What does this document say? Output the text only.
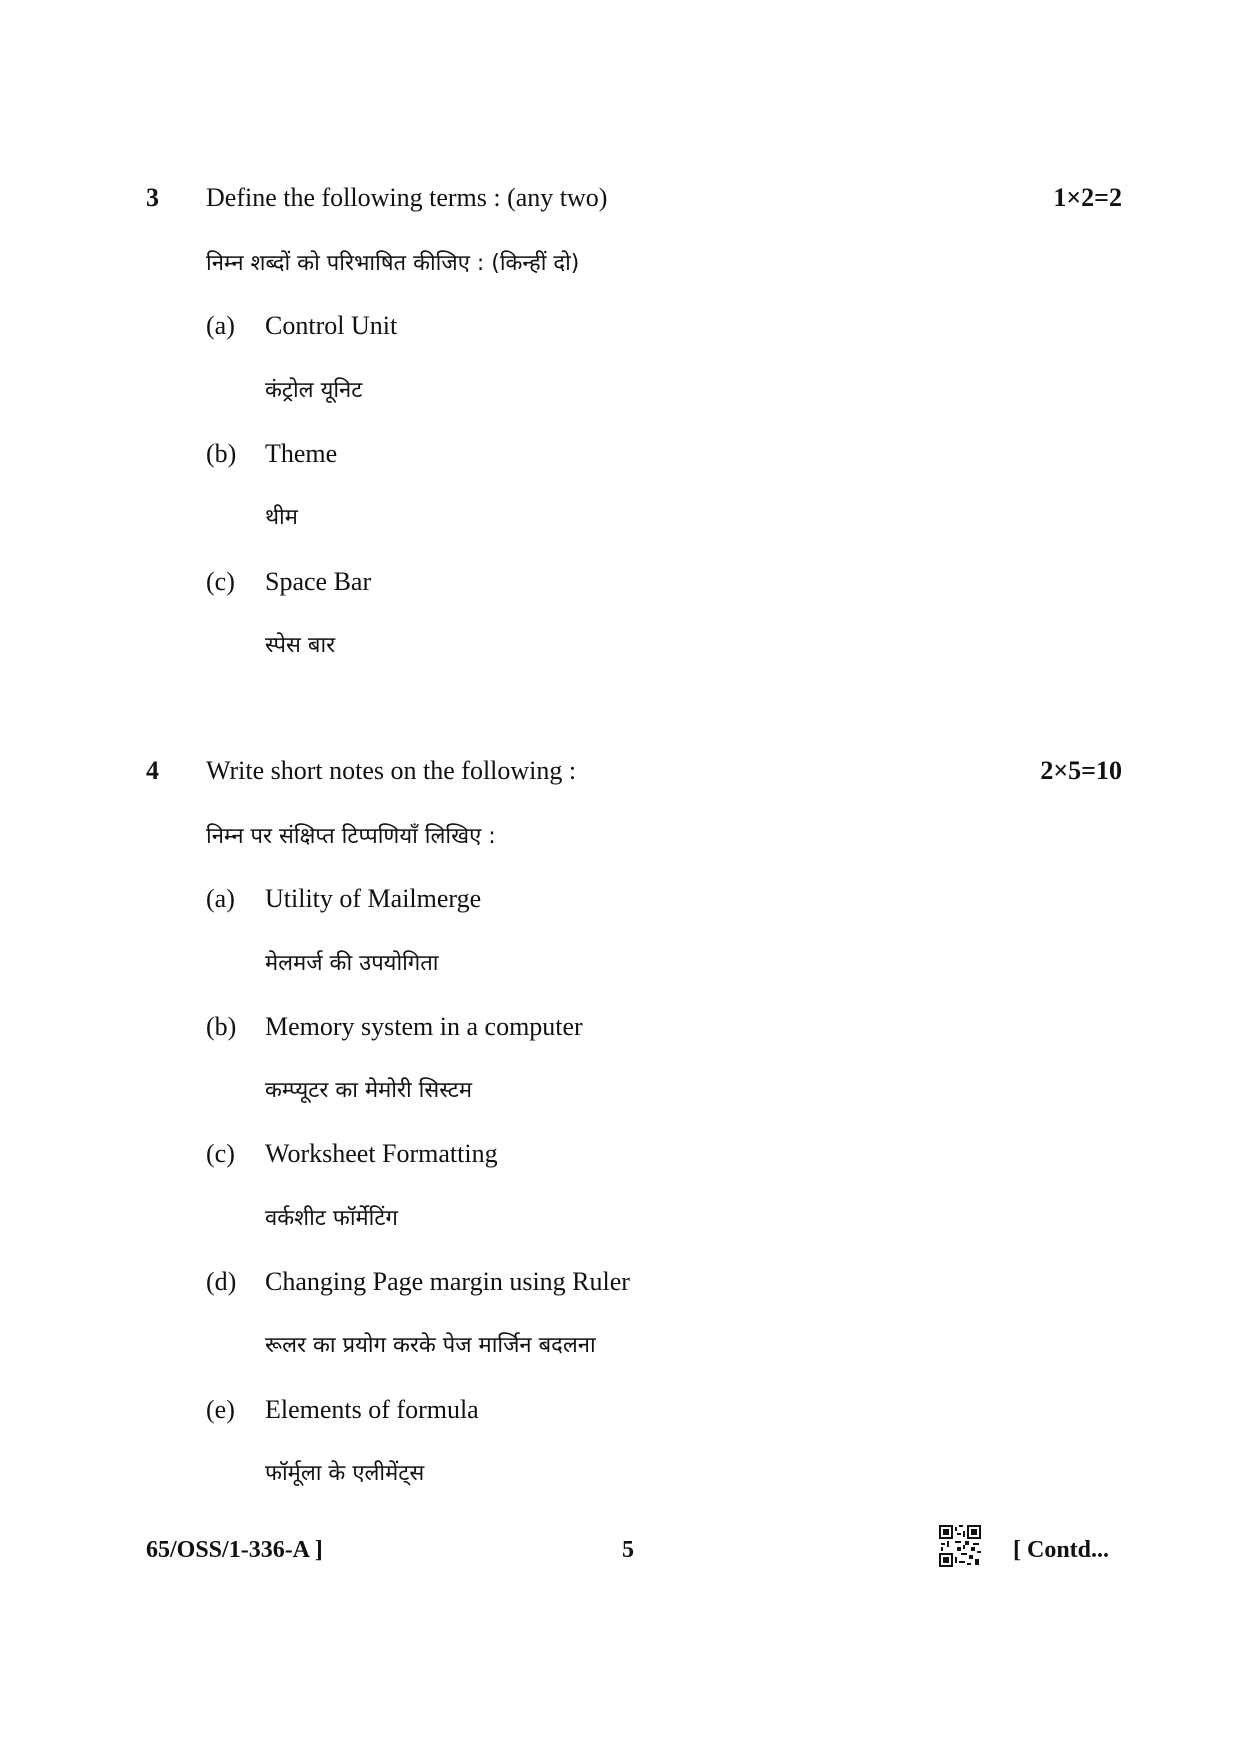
3 Define the following terms : (any two)	1×2=2
निम्न शब्दों को परिभाषित कीजिए : (किन्हीं दो)
(a) Control Unit
कंट्रोल यूनिट
(b) Theme
थीम
(c) Space Bar
स्पेस बार
4 Write short notes on the following :	2×5=10
निम्न पर संक्षिप्त टिप्पणियाँ लिखिए :
(a) Utility of Mailmerge
मेलमर्ज की उपयोगिता
(b) Memory system in a computer
कम्प्यूटर का मेमोरी सिस्टम
(c) Worksheet Formatting
वर्कशीट फॉर्मेटिंग
(d) Changing Page margin using Ruler
रूलर का प्रयोग करके पेज मार्जिन बदलना
(e) Elements of formula
फॉर्मूला के एलीमेंट्स
65/OSS/1-336-A ]	5	[ Contd...
